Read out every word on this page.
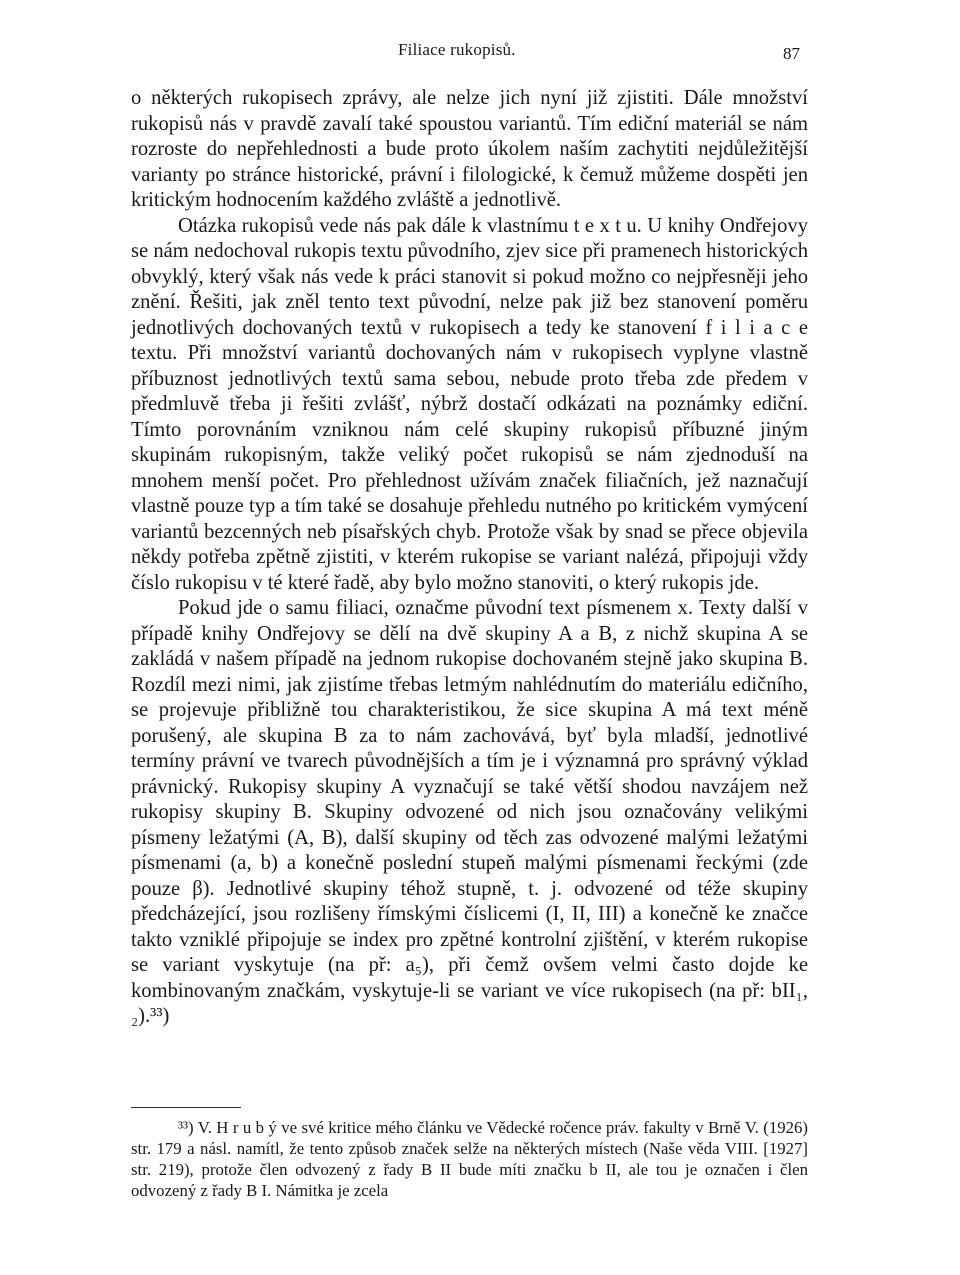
Filiace rukopisů.	87

o některých rukopisech zprávy, ale nelze jich nyní již zjistiti. Dále množství rukopisů nás v pravdě zavalí také spoustou variantů. Tím ediční materiál se nám rozroste do nepřehlednosti a bude proto úkolem naším zachytiti nejdůležitější varianty po stránce historické, právní i filologické, k čemuž můžeme dospěti jen kritickým hodnocením každého zvláště a jednotlivě.

Otázka rukopisů vede nás pak dále k vlastnímu t e x t u. U knihy Ondřejovy se nám nedochoval rukopis textu původního, zjev sice při pramenech historických obvyklý, který však nás vede k práci stanovit si pokud možno co nejpřesněji jeho znění. Řešiti, jak zněl tento text původní, nelze pak již bez stanovení poměru jednotlivých dochovaných textů v rukopisech a tedy ke stanovení f i l i a c e textu. Při množství variantů dochovaných nám v rukopisech vyplyne vlastně příbuznost jednotlivých textů sama sebou, nebude proto třeba zde předem v předmluvě třeba ji řešiti zvlášť, nýbrž dostačí odkázati na poznámky ediční. Tímto porovnáním vzniknou nám celé skupiny rukopisů příbuzné jiným skupinám rukopisným, takže veliký počet rukopisů se nám zjednoduší na mnohem menší počet. Pro přehlednost užívám značek filiačních, jež naznačují vlastně pouze typ a tím také se dosahuje přehledu nutného po kritickém vymýcení variantů bezcenných neb písařských chyb. Protože však by snad se přece objevila někdy potřeba zpětně zjistiti, v kterém rukopise se variant nalézá, připojuji vždy číslo rukopisu v té které řadě, aby bylo možno stanoviti, o který rukopis jde.

Pokud jde o samu filiaci, označme původní text písmenem x. Texty další v případě knihy Ondřejovy se dělí na dvě skupiny A a B, z nichž skupina A se zakládá v našem případě na jednom rukopise dochovaném stejně jako skupina B. Rozdíl mezi nimi, jak zjistíme třebas letmým nahlédnutím do materiálu edičního, se projevuje přibližně tou charakteristikou, že sice skupina A má text méně porušený, ale skupina B za to nám zachovává, byť byla mladší, jednotlivé termíny právní ve tvarech původnějších a tím je i významná pro správný výklad právnický. Rukopisy skupiny A vyznačují se také větší shodou navzájem než rukopisy skupiny B. Skupiny odvozené od nich jsou označovány velikými písmeny ležatými (A, B), další skupiny od těch zas odvozené malými ležatými písmenami (a, b) a konečně poslední stupeň malými písmenami řeckými (zde pouze β). Jednotlivé skupiny téhož stupně, t. j. odvozené od téže skupiny předcházející, jsou rozlišeny římskými číslicemi (I, II, III) a konečně ke značce takto vzniklé připojuje se index pro zpětné kontrolní zjištění, v kterém rukopise se variant vyskytuje (na př: a₅), při čemž ovšem velmi často dojde ke kombinovaným značkám, vyskytuje-li se variant ve více rukopisech (na př: bII₁, ₂).³³)

³³) V. H r u b ý ve své kritice mého článku ve Vědecké ročence práv. fakulty v Brně V. (1926) str. 179 a násl. namítl, že tento způsob značek selže na některých místech (Naše věda VIII. [1927] str. 219), protože člen odvozený z řady B II bude míti značku b II, ale tou je označen i člen odvozený z řady B I. Námitka je zcela
